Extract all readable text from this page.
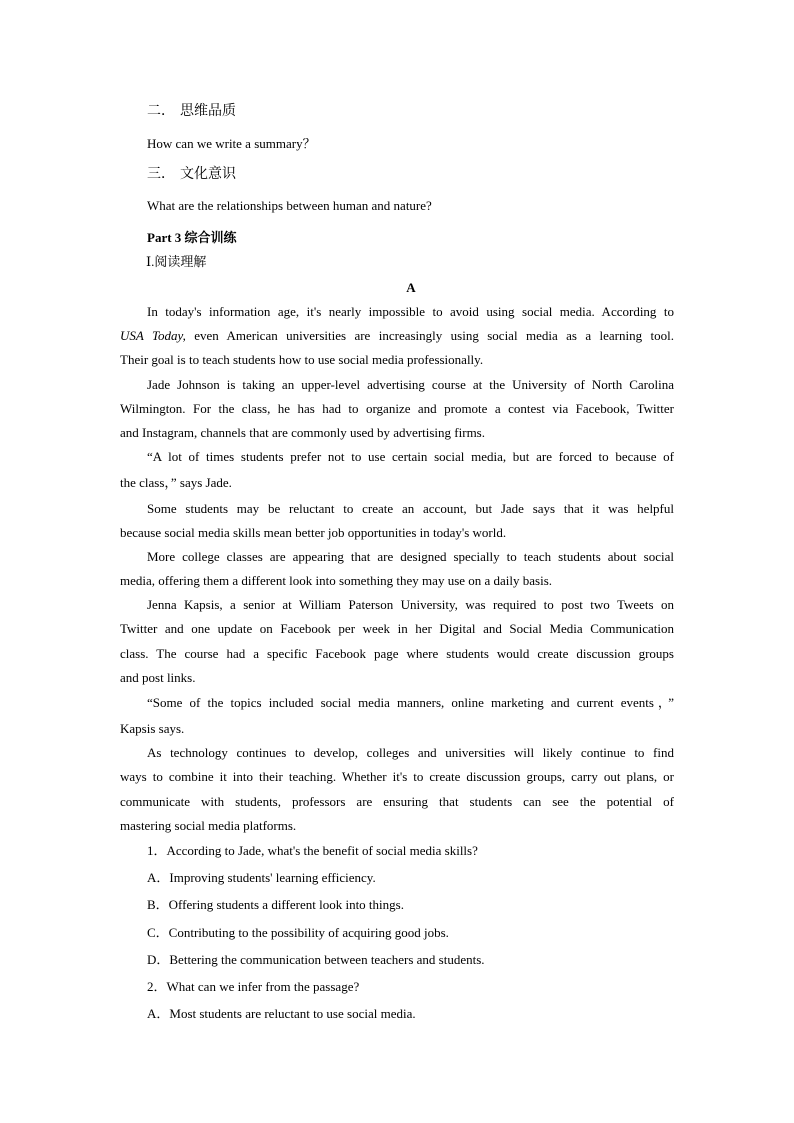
二． 思维品质
How can we write a summary？
三． 文化意识
What are the relationships between human and nature?
Part 3 综合训练
Ⅰ.阅读理解
A
In today's information age, it's nearly impossible to avoid using social media. According to
USA Today, even American universities are increasingly using social media as a learning tool.
Their goal is to teach students how to use social media professionally.
Jade Johnson is taking an upper-level advertising course at the University of North Carolina
Wilmington. For the class, he has had to organize and promote a contest via Facebook, Twitter
and Instagram, channels that are commonly used by advertising firms.
“A lot of times students prefer not to use certain social media, but are forced to because of
the class，” says Jade.
Some students may be reluctant to create an account, but Jade says that it was helpful
because social media skills mean better job opportunities in today's world.
More college classes are appearing that are designed specially to teach students about social
media, offering them a different look into something they may use on a daily basis.
Jenna Kapsis, a senior at William Paterson University, was required to post two Tweets on
Twitter and one update on Facebook per week in her Digital and Social Media Communication
class. The course had a specific Facebook page where students would create discussion groups
and post links.
“Some of the topics included social media manners, online marketing and current events，”
Kapsis says.
As technology continues to develop, colleges and universities will likely continue to find
ways to combine it into their teaching. Whether it's to create discussion groups, carry out plans, or
communicate with students, professors are ensuring that students can see the potential of
mastering social media platforms.
1．According to Jade, what's the benefit of social media skills?
A．Improving students' learning efficiency.
B．Offering students a different look into things.
C．Contributing to the possibility of acquiring good jobs.
D．Bettering the communication between teachers and students.
2．What can we infer from the passage?
A．Most students are reluctant to use social media.
